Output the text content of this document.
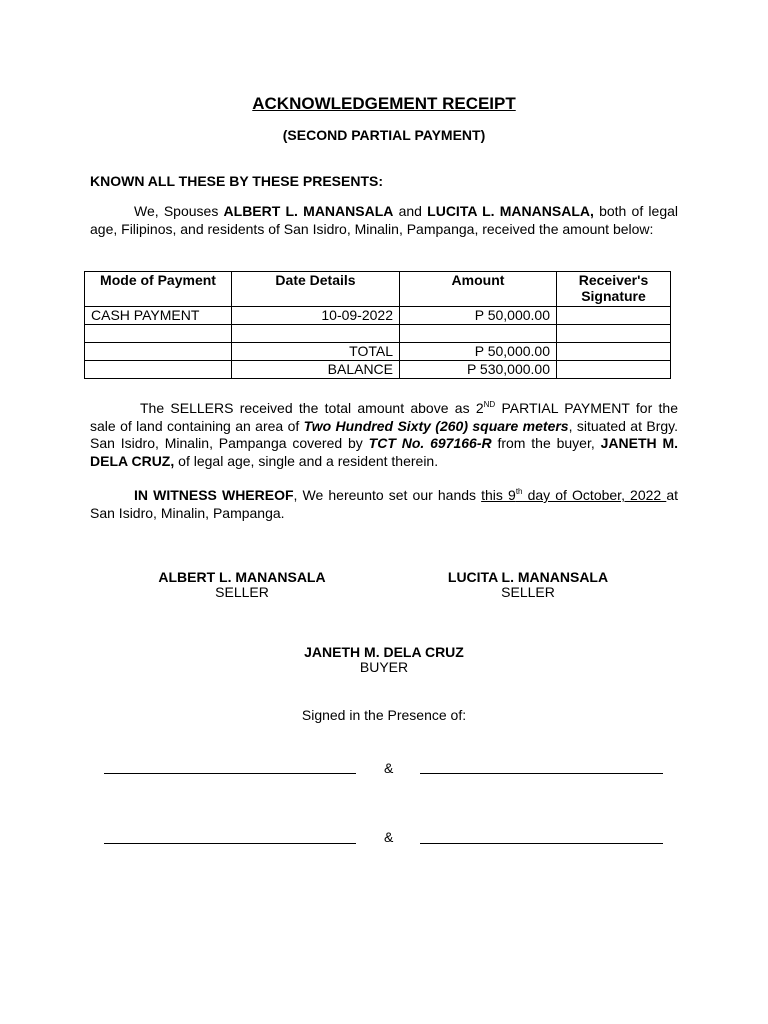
ACKNOWLEDGEMENT RECEIPT
(SECOND PARTIAL PAYMENT)
KNOWN ALL THESE BY THESE PRESENTS:
We, Spouses ALBERT L. MANANSALA and LUCITA L. MANANSALA, both of legal age, Filipinos, and residents of San Isidro, Minalin, Pampanga, received the amount below:
Mode of Payment	Date Details	Amount	Receiver's Signature
CASH PAYMENT	10-09-2022	P 50,000.00	

	TOTAL	P 50,000.00	
	BALANCE	P 530,000.00	
The SELLERS received the total amount above as 2ND PARTIAL PAYMENT for the sale of land containing an area of Two Hundred Sixty (260) square meters, situated at Brgy. San Isidro, Minalin, Pampanga covered by TCT No. 697166-R from the buyer, JANETH M. DELA CRUZ, of legal age, single and a resident therein.
IN WITNESS WHEREOF, We hereunto set our hands this 9th day of October, 2022 at San Isidro, Minalin, Pampanga.
ALBERT L. MANANSALA
SELLER
LUCITA L. MANANSALA
SELLER
JANETH M. DELA CRUZ
BUYER
Signed in the Presence of:
&
&
